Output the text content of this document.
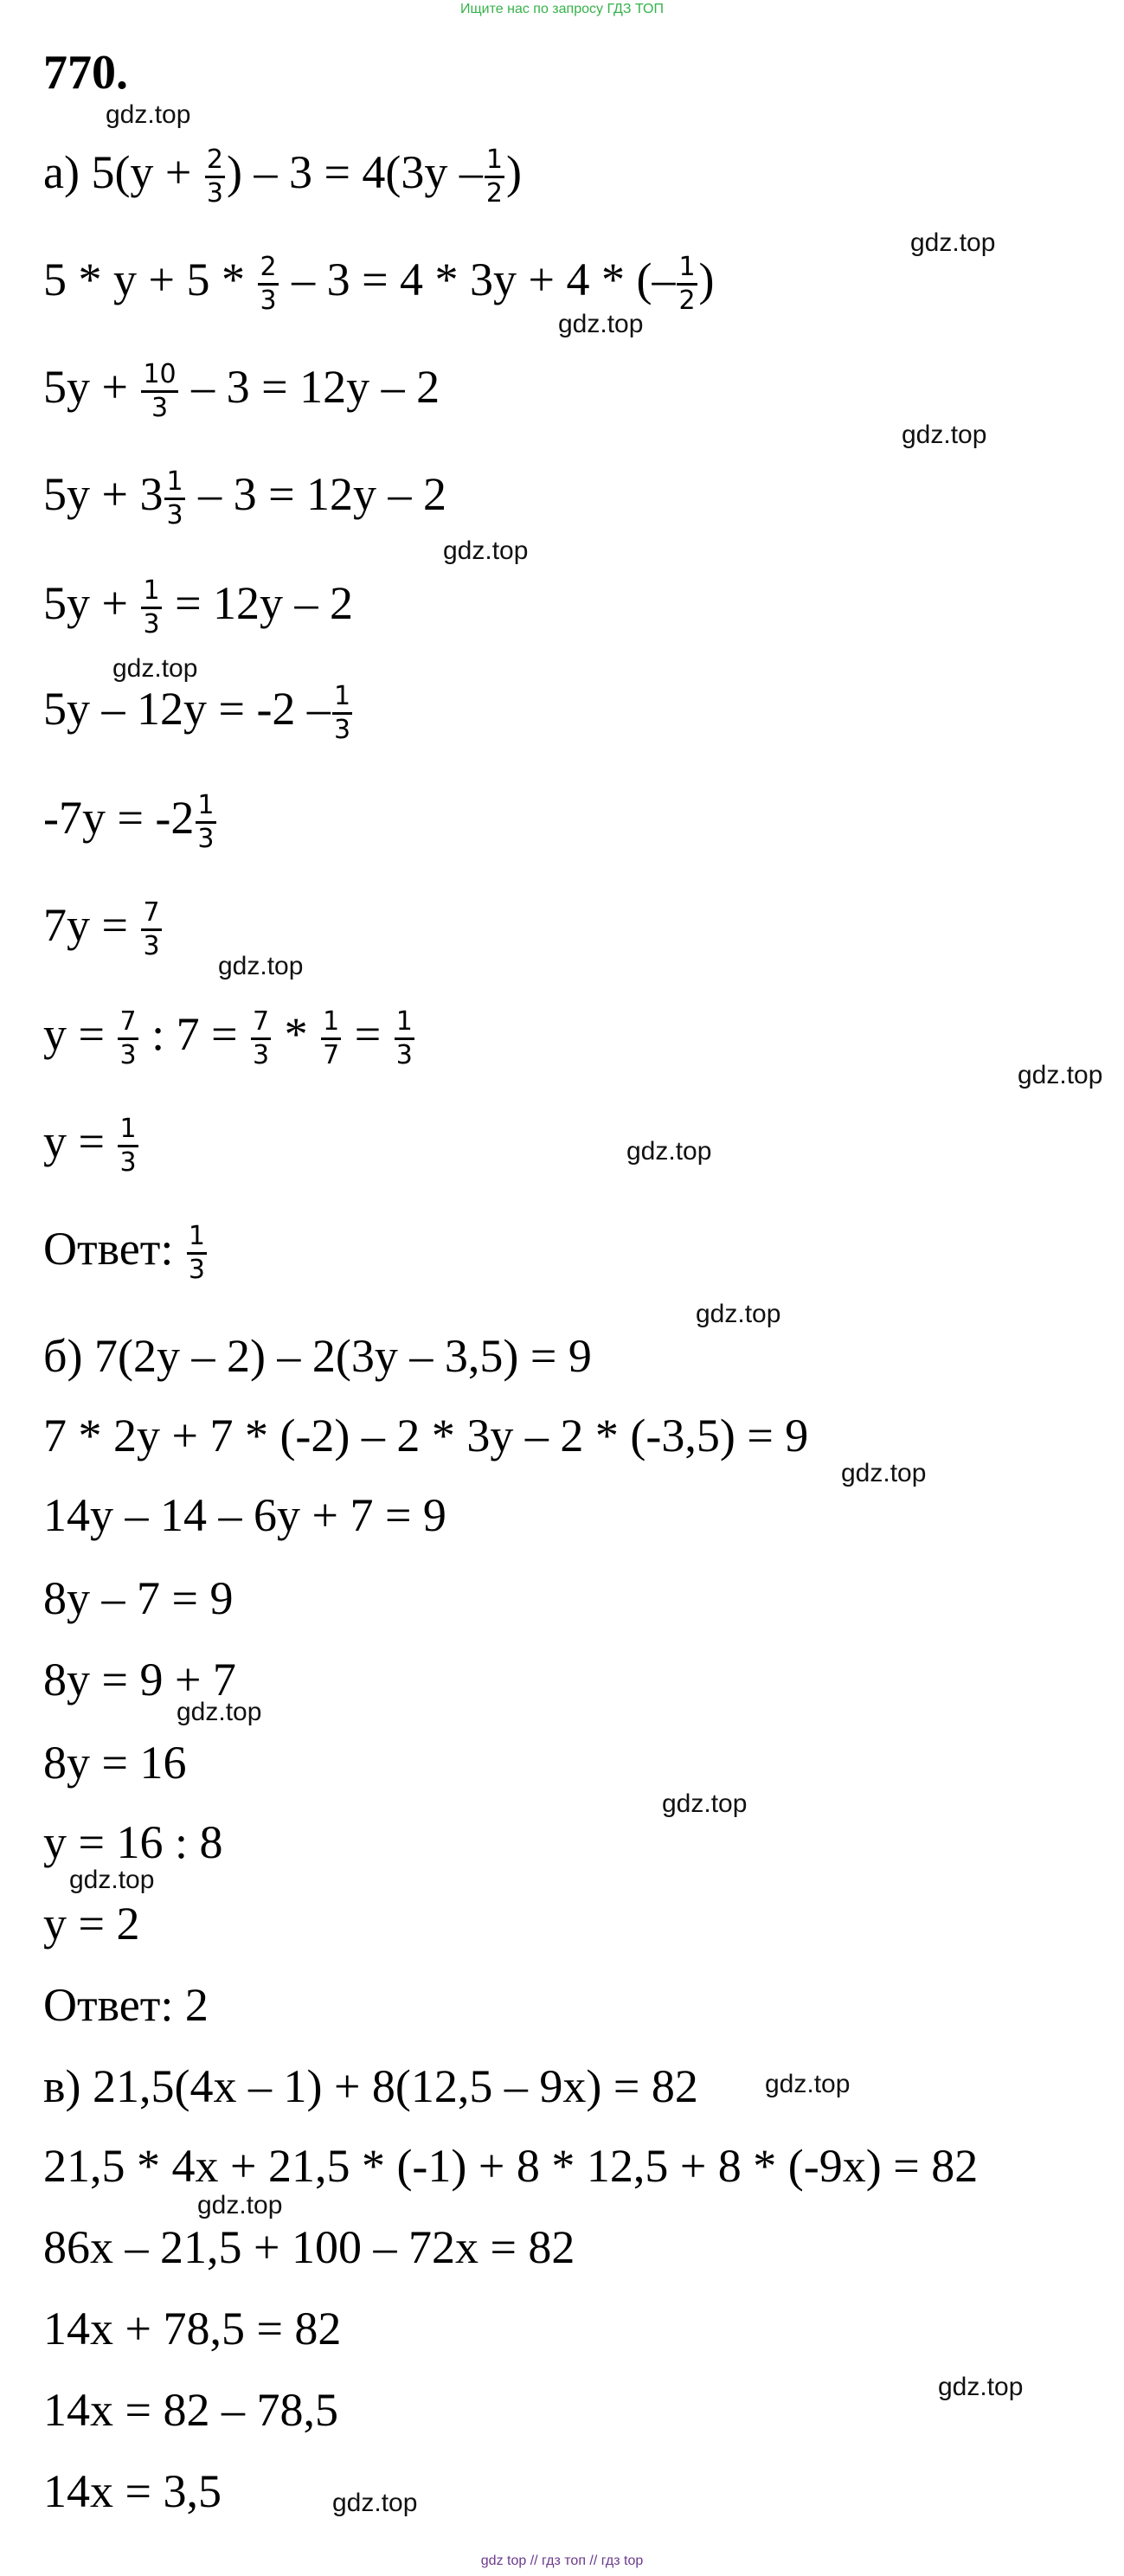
Ищите нас по запросу ГДЗ ТОП
770.
а) $5(y + \frac{2}{3}$ ) – $3 = 4(3y - \frac{1}{2}$ )
$5 * y + 5 * \frac{2}{3} - 3 = 4 * 3y + 4$ * (– $\frac{1}{2}$ )
$5y + \frac{10}{3} - 3 = 12y - 2$
$5y + 3 \frac{1}{3} - 3 = 12y - 2$
$5y + \frac{1}{3} = 12y - 2$
$5y - 12y = -2 - \frac{1}{3}$
$-7y = -2 \frac{1}{3}$
$7y = \frac{7}{3}$
$y = \frac{7}{3}$ : $7 = \frac{7}{3} * \frac{1}{7} = \frac{1}{3}$
$y = \frac{1}{3}$
Ответ: $\frac{1}{3}$
б) 7(2y – 2) – 2(3y – 3,5) = 9
7 * 2y + 7 * (-2) – 2 * 3y – 2 * (-3,5) = 9
14y – 14 – 6y + 7 = 9
8y – 7 = 9
8y = 9 + 7
8y = 16
y = 16 : 8
y = 2
Ответ: 2
в) 21,5(4x – 1) + 8(12,5 – 9x) = 82
21,5 * 4x + 21,5 * (-1) + 8 * 12,5 + 8 * (-9x) = 82
86x – 21,5 + 100 – 72x = 82
14x + 78,5 = 82
14x = 82 – 78,5
14x = 3,5
gdz.top
gdz.top
gdz.top
gdz.top
gdz.top
gdz.top
gdz.top
gdz.top
gdz.top
gdz.top
gdz.top
gdz.top
gdz.top
gdz.top
gdz.top
gdz.top
gdz.top
gdz.top
gdz top // гдз топ // гдз top
